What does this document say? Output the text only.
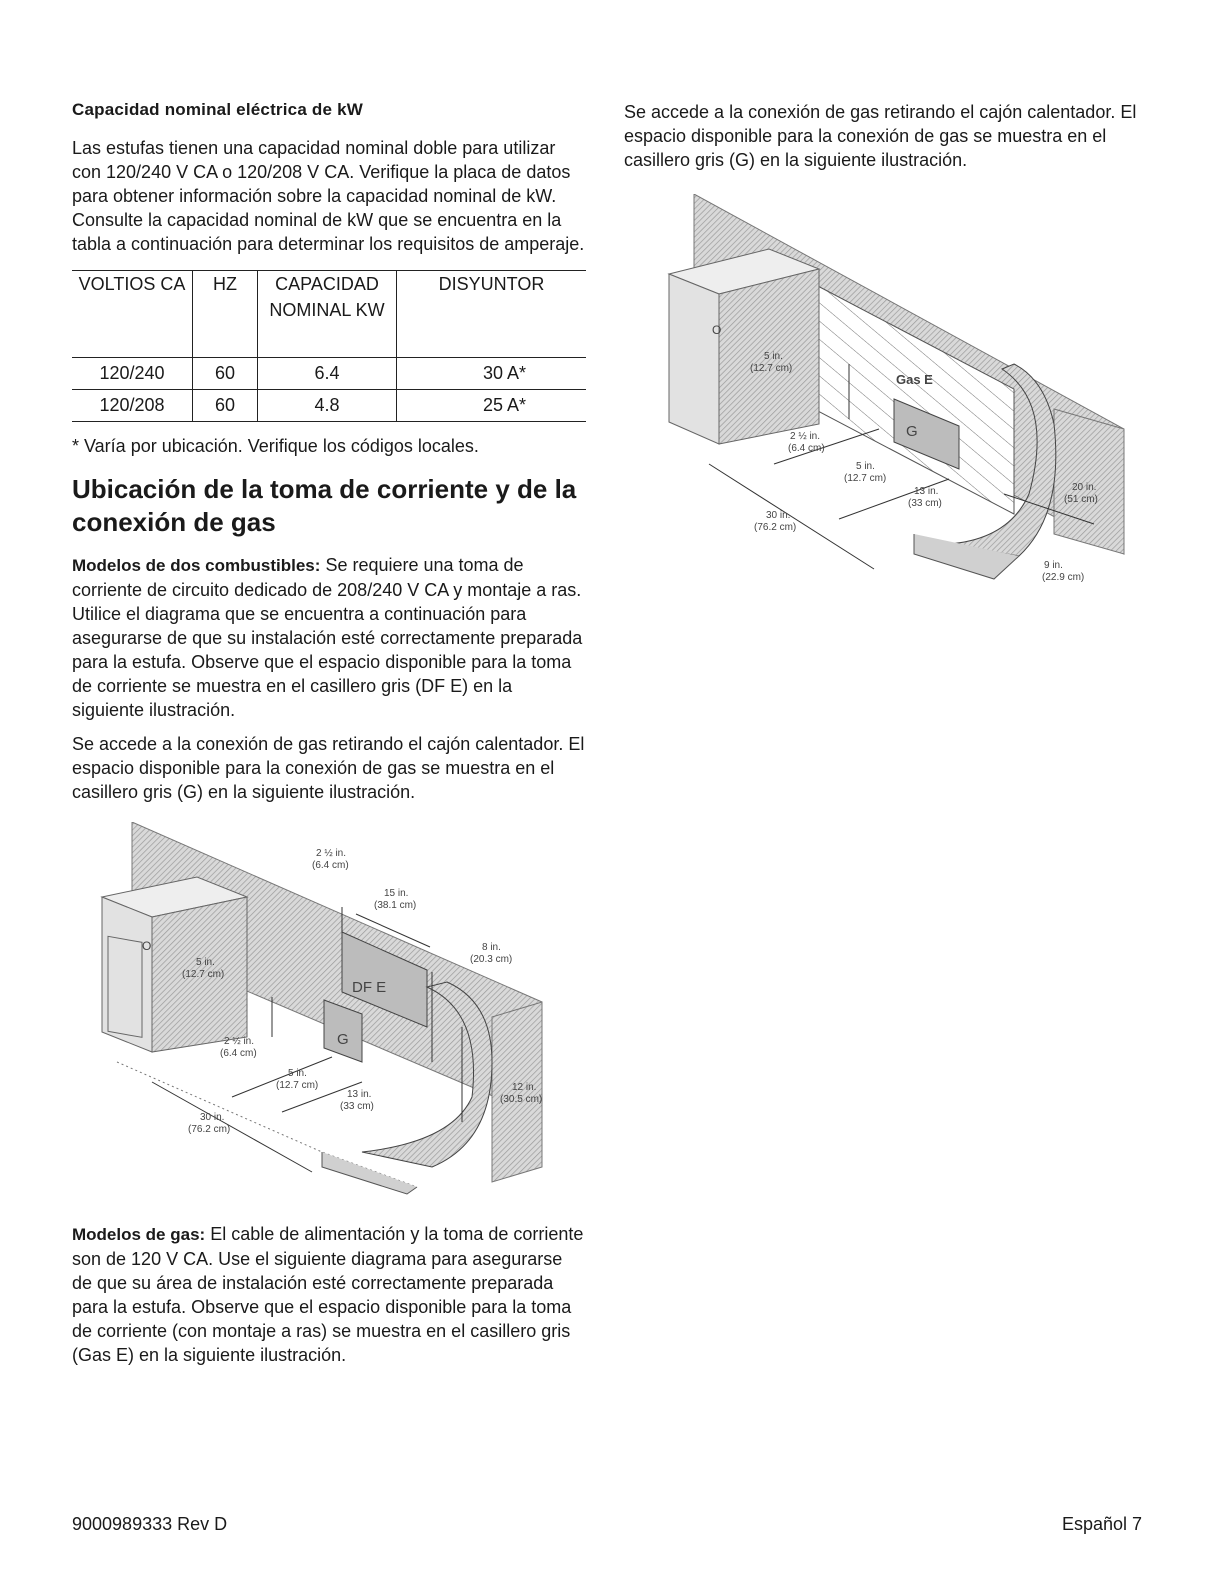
Capacidad nominal eléctrica de kW

Las estufas tienen una capacidad nominal doble para utilizar con 120/240 V CA o 120/208 V CA. Verifique la placa de datos para obtener información sobre la capacidad nominal de kW. Consulte la capacidad nominal de kW que se encuentra en la tabla a continuación para determinar los requisitos de amperaje.

VOLTIOS CA	HZ	CAPACIDAD NOMINAL KW	DISYUNTOR
120/240	60	6.4	30 A*
120/208	60	4.8	25 A*
* Varía por ubicación. Verifique los códigos locales.
Ubicación de la toma de corriente y de la conexión de gas

Modelos de dos combustibles: Se requiere una toma de corriente de circuito dedicado de 208/240 V CA y montaje a ras. Utilice el diagrama que se encuentra a continuación para asegurarse de que su instalación esté correctamente preparada para la estufa. Observe que el espacio disponible para la toma de corriente se muestra en el casillero gris (DF E) en la siguiente ilustración.

Se accede a la conexión de gas retirando el cajón calentador. El espacio disponible para la conexión de gas se muestra en el casillero gris (G) en la siguiente ilustración.

O
DF E
G
2 ½ in.
(6.4 cm)
15 in.
(38.1 cm)
8 in.
(20.3 cm)
5 in.
(12.7 cm)
2 ½ in.
(6.4 cm)
5 in.
(12.7 cm)
13 in.
(33 cm)
12 in.
(30.5 cm)
30 in.
(76.2 cm)

Modelos de gas: El cable de alimentación y la toma de corriente son de 120 V CA. Use el siguiente diagrama para asegurarse de que su área de instalación esté correctamente preparada para la estufa. Observe que el espacio disponible para la toma de corriente (con montaje a ras) se muestra en el casillero gris (Gas E) en la siguiente ilustración.

Se accede a la conexión de gas retirando el cajón calentador. El espacio disponible para la conexión de gas se muestra en el casillero gris (G) en la siguiente ilustración.

O
G
Gas E
5 in.
(12.7 cm)
2 ½ in.
(6.4 cm)
5 in.
(12.7 cm)
13 in.
(33 cm)
30 in.
(76.2 cm)
20 in.
(51 cm)
9 in.
(22.9 cm)
9000989333 Rev D	Español 7
